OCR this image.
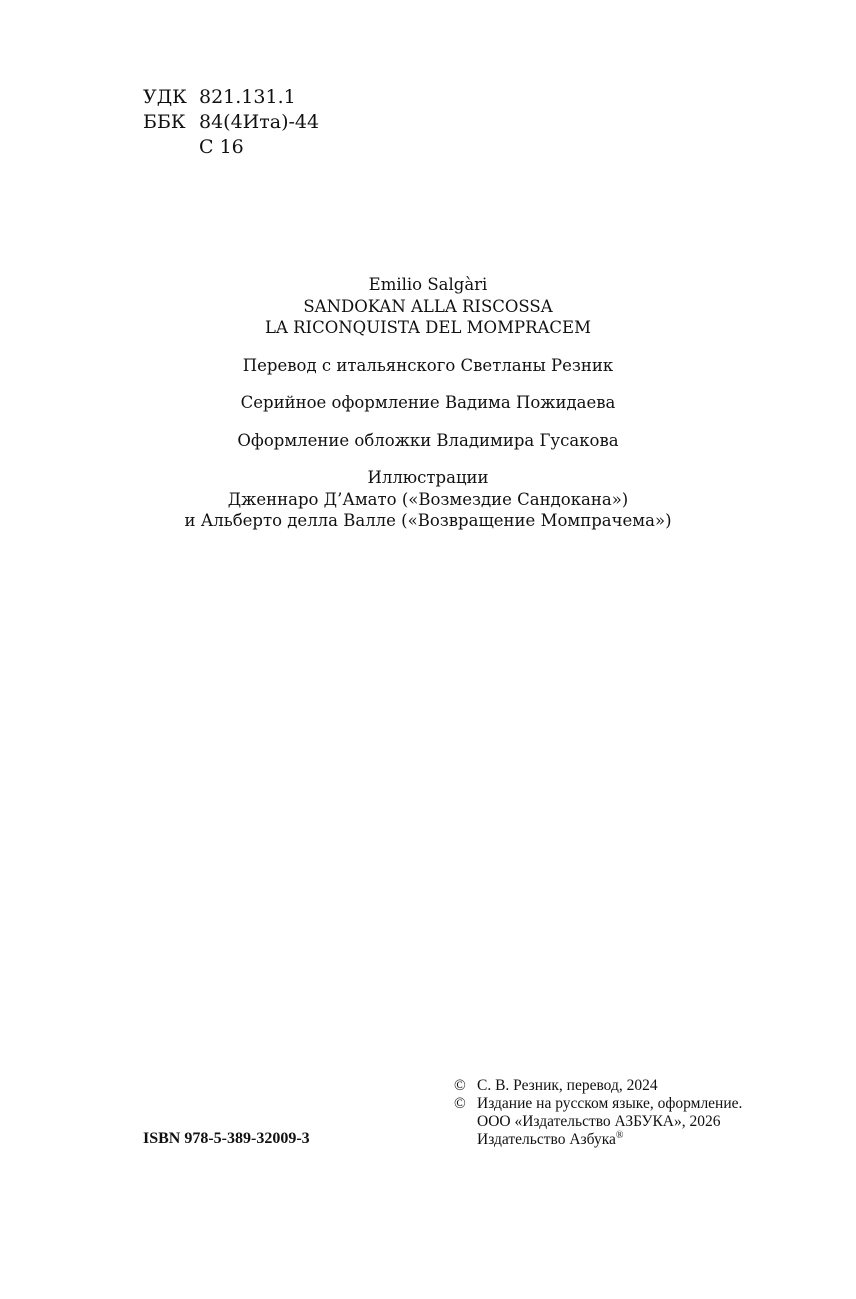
УДК 821.131.1
ББК 84(4Ита)-44
С 16
Emilio Salgàri
SANDOKAN ALLA RISCOSSA
LA RICONQUISTA DEL MOMPRACEM
Перевод с итальянского Светланы Резник
Серийное оформление Вадима Пожидаева
Оформление обложки Владимира Гусакова
Иллюстрации
Дженнаро Д’Амато («Возмездие Сандокана»)
и Альберто делла Валле («Возвращение Момпрачема»)
ISBN 978-5-389-32009-3
© С. В. Резник, перевод, 2024
© Издание на русском языке, оформление.
ООО «Издательство АЗБУКА», 2026
Издательство Азбука®
